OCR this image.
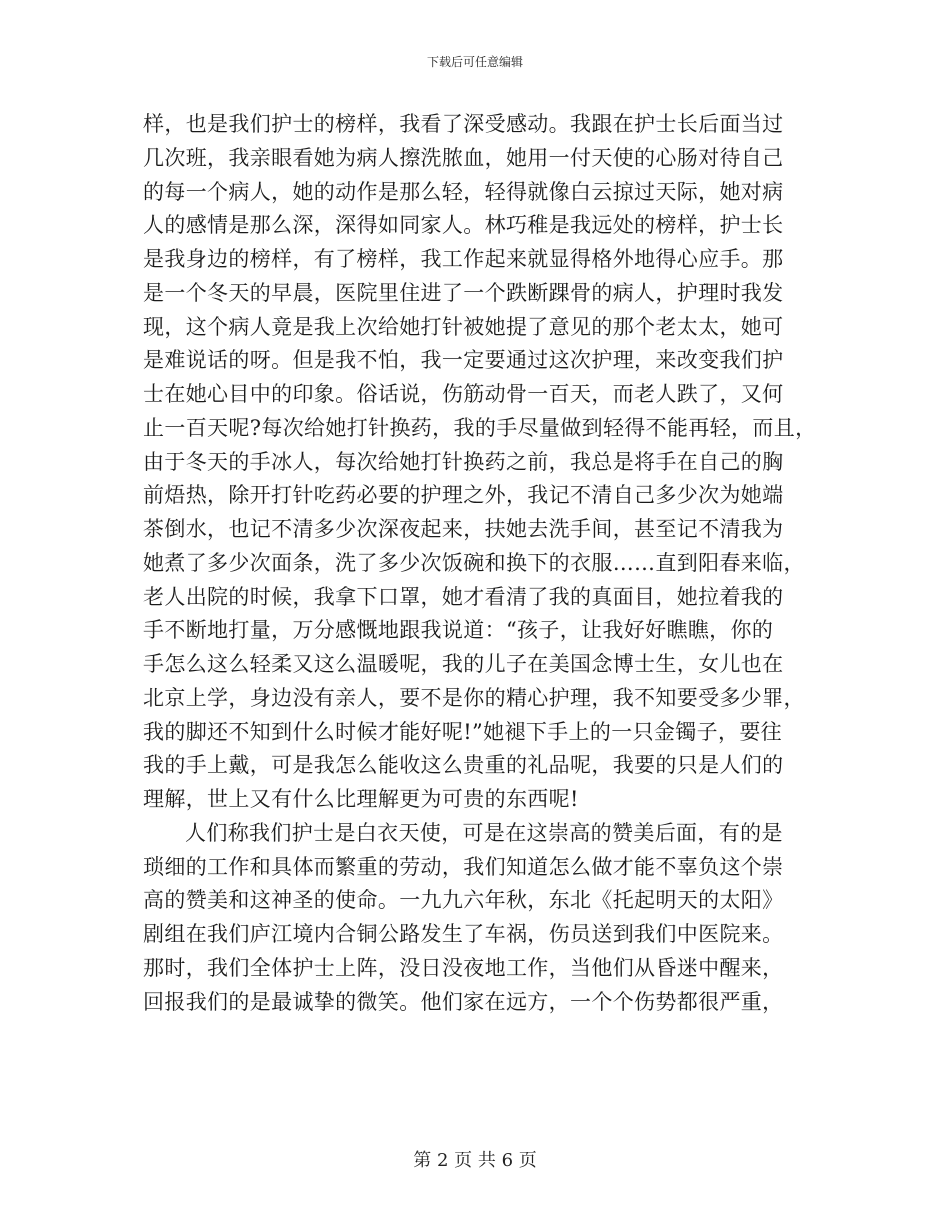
下载后可任意编辑
样，也是我们护士的榜样，我看了深受感动。我跟在护士长后面当过
几次班，我亲眼看她为病人擦洗脓血，她用一付天使的心肠对待自己
的每一个病人，她的动作是那么轻，轻得就像白云掠过天际，她对病
人的感情是那么深，深得如同家人。林巧稚是我远处的榜样，护士长
是我身边的榜样，有了榜样，我工作起来就显得格外地得心应手。那
是一个冬天的早晨，医院里住进了一个跌断踝骨的病人，护理时我发
现，这个病人竟是我上次给她打针被她提了意见的那个老太太，她可
是难说话的呀。但是我不怕，我一定要通过这次护理，来改变我们护
士在她心目中的印象。俗话说，伤筋动骨一百天，而老人跌了，又何
止一百天呢?每次给她打针换药，我的手尽量做到轻得不能再轻，而且，
由于冬天的手冰人，每次给她打针换药之前，我总是将手在自己的胸
前焐热，除开打针吃药必要的护理之外，我记不清自己多少次为她端
茶倒水，也记不清多少次深夜起来，扶她去洗手间，甚至记不清我为
她煮了多少次面条，洗了多少次饭碗和换下的衣服……直到阳春来临，
老人出院的时候，我拿下口罩，她才看清了我的真面目，她拉着我的
手不断地打量，万分感慨地跟我说道：“孩子，让我好好瞧瞧，你的
手怎么这么轻柔又这么温暖呢，我的儿子在美国念博士生，女儿也在
北京上学，身边没有亲人，要不是你的精心护理，我不知要受多少罪，
我的脚还不知到什么时候才能好呢!”她褪下手上的一只金镯子，要往
我的手上戴，可是我怎么能收这么贵重的礼品呢，我要的只是人们的
理解，世上又有什么比理解更为可贵的东西呢!
人们称我们护士是白衣天使，可是在这崇高的赞美后面，有的是
琐细的工作和具体而繁重的劳动，我们知道怎么做才能不辜负这个崇
高的赞美和这神圣的使命。一九九六年秋，东北《托起明天的太阳》
剧组在我们庐江境内合铜公路发生了车祸，伤员送到我们中医院来。
那时，我们全体护士上阵，没日没夜地工作，当他们从昏迷中醒来，
回报我们的是最诚挚的微笑。他们家在远方，一个个伤势都很严重，
第 2 页 共 6 页
